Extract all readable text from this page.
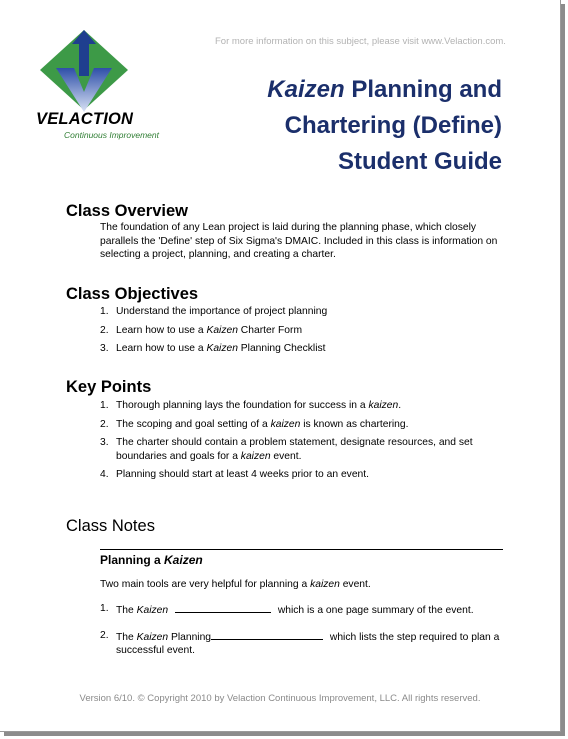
For more information on this subject, please visit www.Velaction.com.
VELACTION
Continuous Improvement
Kaizen Planning and
Chartering (Define)
Student Guide
Class Overview
The foundation of any Lean project is laid during the planning phase, which closely parallels the 'Define' step of Six Sigma's DMAIC. Included in this class is information on selecting a project, planning, and creating a charter.
Class Objectives
1. Understand the importance of project planning
2. Learn how to use a Kaizen Charter Form
3. Learn how to use a Kaizen Planning Checklist
Key Points
1. Thorough planning lays the foundation for success in a kaizen.
2. The scoping and goal setting of a kaizen is known as chartering.
3. The charter should contain a problem statement, designate resources, and set boundaries and goals for a kaizen event.
4. Planning should start at least 4 weeks prior to an event.
Class Notes
Planning a Kaizen
Two main tools are very helpful for planning a kaizen event.
1. The Kaizen	which is a one page summary of the event.
2. The Kaizen Planning	which lists the step required to plan a successful event.
Version 6/10. © Copyright 2010 by Velaction Continuous Improvement, LLC. All rights reserved.
